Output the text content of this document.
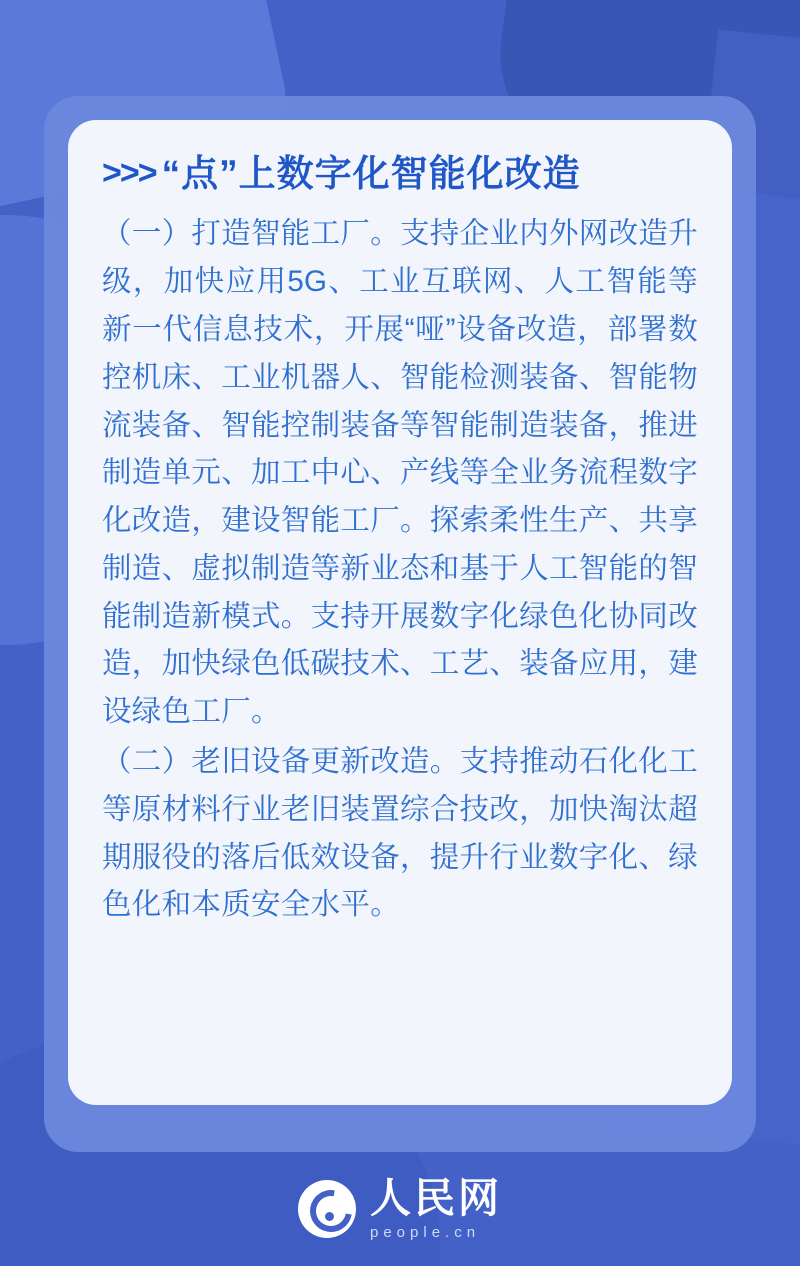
>>> “点”上数字化智能化改造

（一）打造智能工厂。支持企业内外网改造升级，加快应用5G、工业互联网、人工智能等新一代信息技术，开展“哑”设备改造，部署数控机床、工业机器人、智能检测装备、智能物流装备、智能控制装备等智能制造装备，推进制造单元、加工中心、产线等全业务流程数字化改造，建设智能工厂。探索柔性生产、共享制造、虚拟制造等新业态和基于人工智能的智能制造新模式。支持开展数字化绿色化协同改造，加快绿色低碳技术、工艺、装备应用，建设绿色工厂。

（二）老旧设备更新改造。支持推动石化化工等原材料行业老旧装置综合技改，加快淘汰超期服役的落后低效设备，提升行业数字化、绿色化和本质安全水平。

人民网
people.cn
